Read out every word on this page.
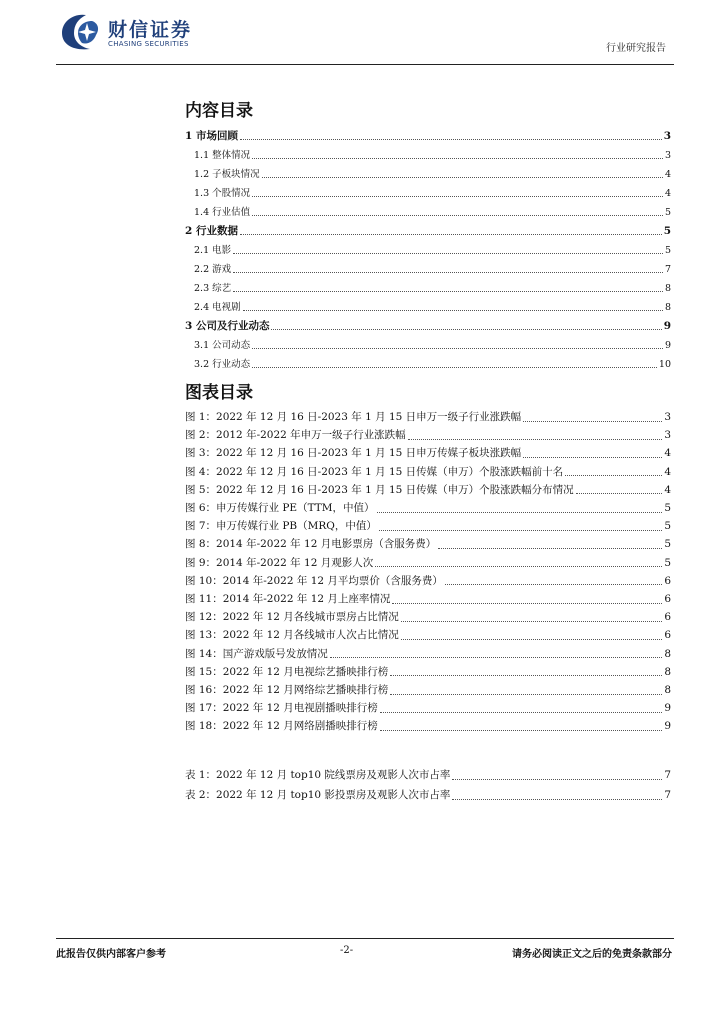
财信证券
CHASING SECURITIES	行业研究报告
内容目录
1 市场回顾	3
1.1 整体情况	3
1.2 子板块情况	4
1.3 个股情况	4
1.4 行业估值	5
2 行业数据	5
2.1 电影	5
2.2 游戏	7
2.3 综艺	8
2.4 电视剧	8
3 公司及行业动态	9
3.1 公司动态	9
3.2 行业动态	10
图表目录
图 1：2022 年 12 月 16 日-2023 年 1 月 15 日申万一级子行业涨跌幅	3
图 2：2012 年-2022 年申万一级子行业涨跌幅	3
图 3：2022 年 12 月 16 日-2023 年 1 月 15 日申万传媒子板块涨跌幅	4
图 4：2022 年 12 月 16 日-2023 年 1 月 15 日传媒（申万）个股涨跌幅前十名	4
图 5：2022 年 12 月 16 日-2023 年 1 月 15 日传媒（申万）个股涨跌幅分布情况	4
图 6：申万传媒行业 PE（TTM，中值）	5
图 7：申万传媒行业 PB（MRQ，中值）	5
图 8：2014 年-2022 年 12 月电影票房（含服务费）	5
图 9：2014 年-2022 年 12 月观影人次	5
图 10：2014 年-2022 年 12 月平均票价（含服务费）	6
图 11：2014 年-2022 年 12 月上座率情况	6
图 12：2022 年 12 月各线城市票房占比情况	6
图 13：2022 年 12 月各线城市人次占比情况	6
图 14：国产游戏版号发放情况	8
图 15：2022 年 12 月电视综艺播映排行榜	8
图 16：2022 年 12 月网络综艺播映排行榜	8
图 17：2022 年 12 月电视剧播映排行榜	9
图 18：2022 年 12 月网络剧播映排行榜	9
表 1：2022 年 12 月 top10 院线票房及观影人次市占率	7
表 2：2022 年 12 月 top10 影投票房及观影人次市占率	7
此报告仅供内部客户参考	-2-	请务必阅读正文之后的免责条款部分
